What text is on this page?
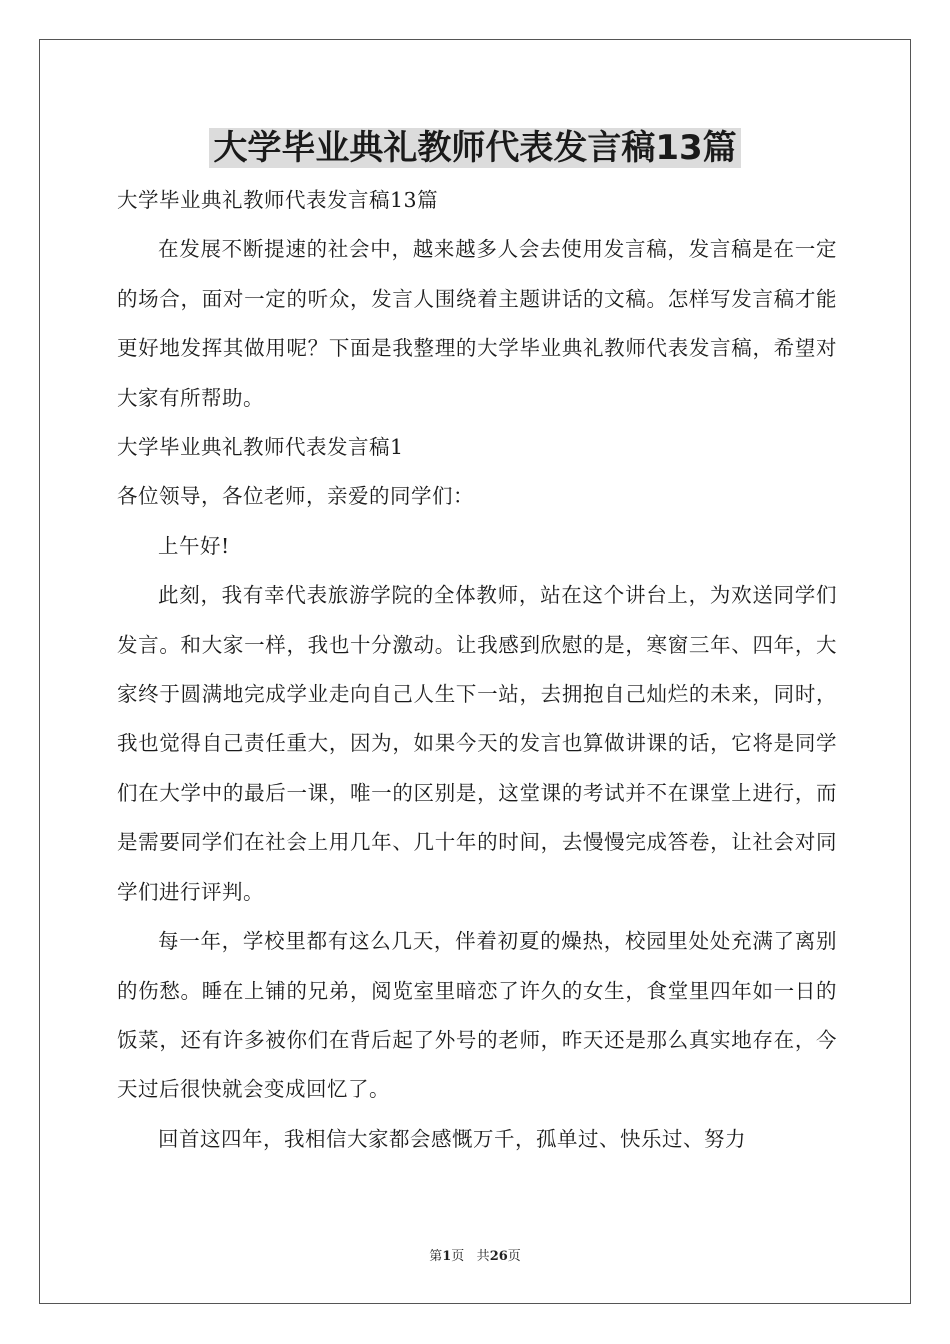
大学毕业典礼教师代表发言稿13篇

大学毕业典礼教师代表发言稿13篇

在发展不断提速的社会中，越来越多人会去使用发言稿，发言稿是在一定的场合，面对一定的听众，发言人围绕着主题讲话的文稿。怎样写发言稿才能更好地发挥其做用呢？下面是我整理的大学毕业典礼教师代表发言稿，希望对大家有所帮助。

大学毕业典礼教师代表发言稿1

各位领导，各位老师，亲爱的同学们：

上午好!

此刻，我有幸代表旅游学院的全体教师，站在这个讲台上，为欢送同学们发言。和大家一样，我也十分激动。让我感到欣慰的是，寒窗三年、四年，大家终于圆满地完成学业走向自己人生下一站，去拥抱自己灿烂的未来，同时，我也觉得自己责任重大，因为，如果今天的发言也算做讲课的话，它将是同学们在大学中的最后一课，唯一的区别是，这堂课的考试并不在课堂上进行，而是需要同学们在社会上用几年、几十年的时间，去慢慢完成答卷，让社会对同学们进行评判。

每一年，学校里都有这么几天，伴着初夏的燥热，校园里处处充满了离别的伤愁。睡在上铺的兄弟，阅览室里暗恋了许久的女生，食堂里四年如一日的饭菜，还有许多被你们在背后起了外号的老师，昨天还是那么真实地存在，今天过后很快就会变成回忆了。

回首这四年，我相信大家都会感慨万千，孤单过、快乐过、努力

第1页 共26页
